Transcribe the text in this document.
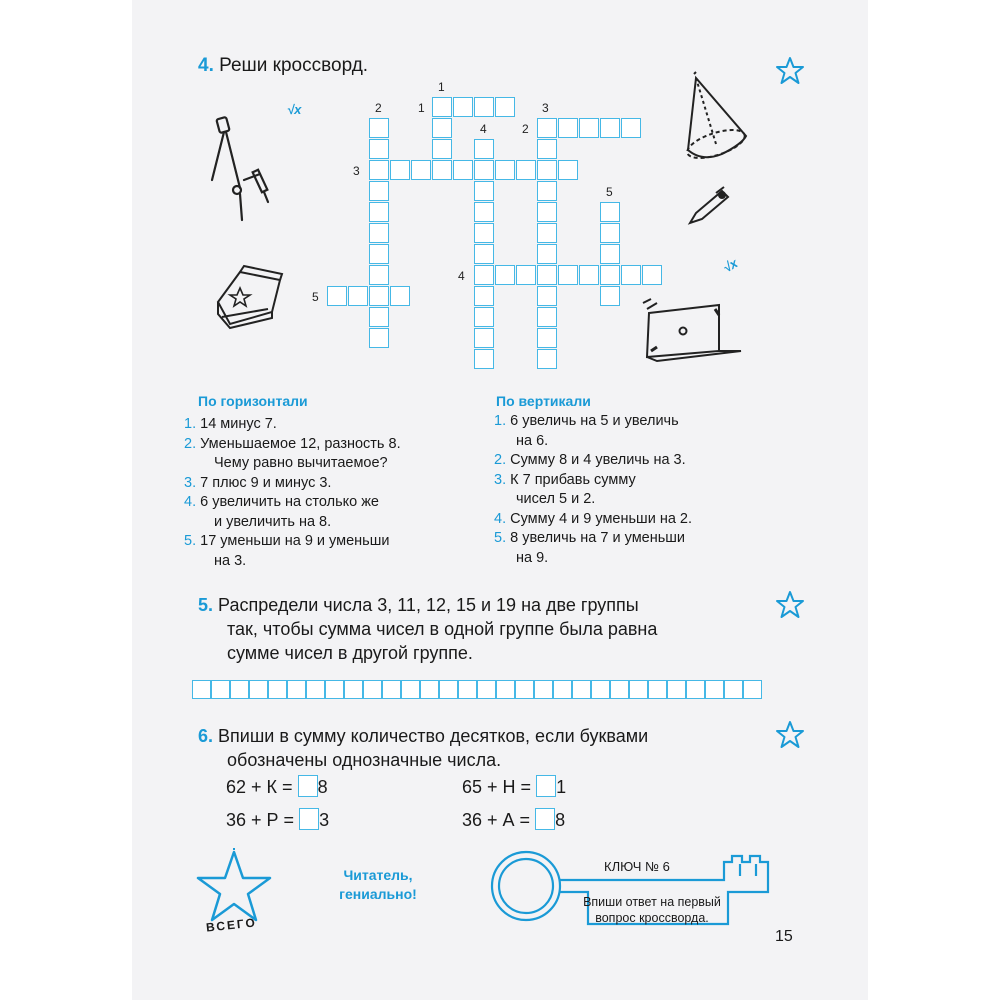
4. Реши кроссворд.
√x
√x
1
1
2
2
3
3
4
4
5
5
По горизонтали
1. 14 минус 7.
2. Уменьшаемое 12, разность 8.
Чему равно вычитаемое?
3. 7 плюс 9 и минус 3.
4. 6 увеличить на столько же
и увеличить на 8.
5. 17 уменьши на 9 и уменьши
на 3.
По вертикали
1. 6 увеличь на 5 и увеличь
на 6.
2. Сумму 8 и 4 увеличь на 3.
3. К 7 прибавь сумму
чисел 5 и 2.
4. Сумму 4 и 9 уменьши на 2.
5. 8 увеличь на 7 и уменьши
на 9.
5. Распредели числа 3, 11, 12, 15 и 19 на две группы
так, чтобы сумма чисел в одной группе была равна
сумме чисел в другой группе.
6. Впиши в сумму количество десятков, если буквами
обозначены однозначные числа.
62 + К = 8	65 + Н = 1
36 + Р = 3	36 + А = 8
ВСЕГО
Читатель,
гениально!
КЛЮЧ № 6
Впиши ответ на первый
вопрос кроссворда.
15
